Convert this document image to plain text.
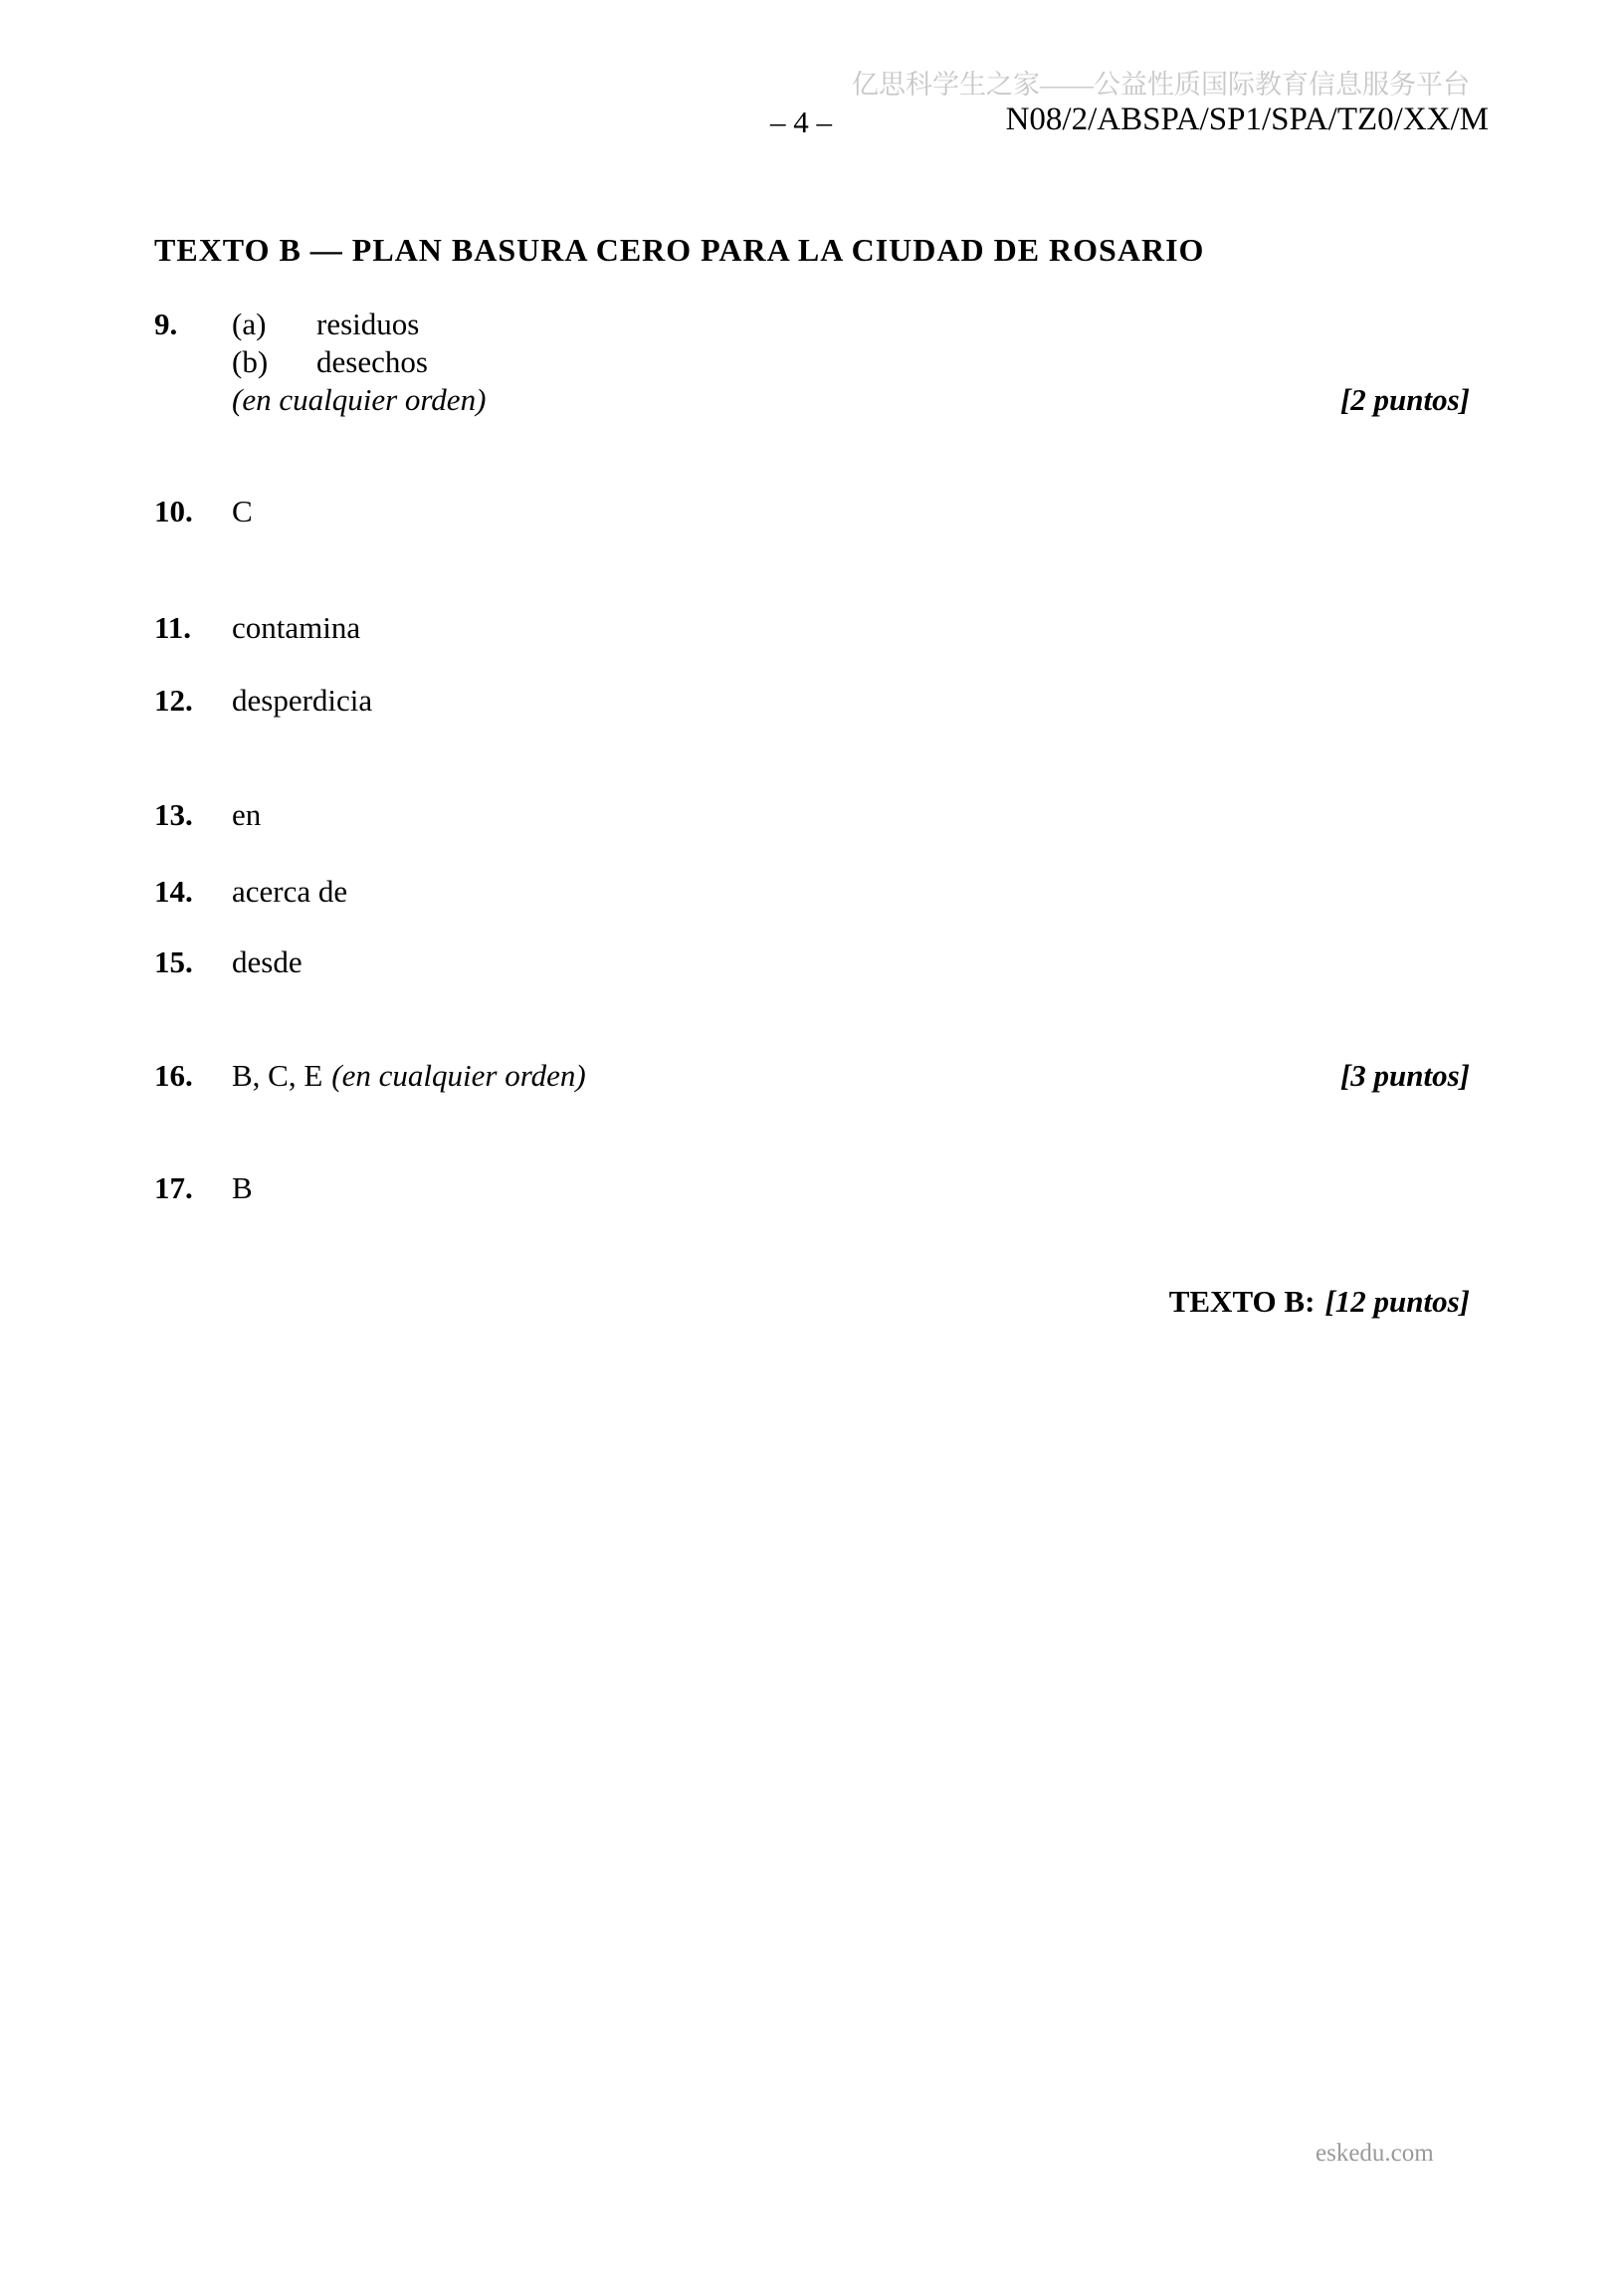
亿思科学生之家——公益性质国际教育信息服务平台
– 4 –	N08/2/ABSPA/SP1/SPA/TZ0/XX/M
TEXTO B — PLAN BASURA CERO PARA LA CIUDAD DE ROSARIO
9. (a)	residuos
(b)	desechos
(en cualquier orden)	[2 puntos]
10. C
11. contamina
12. desperdicia
13. en
14. acerca de
15. desde
16. B, C, E (en cualquier orden)	[3 puntos]
17. B
TEXTO B: [12 puntos]
eskedu.com
